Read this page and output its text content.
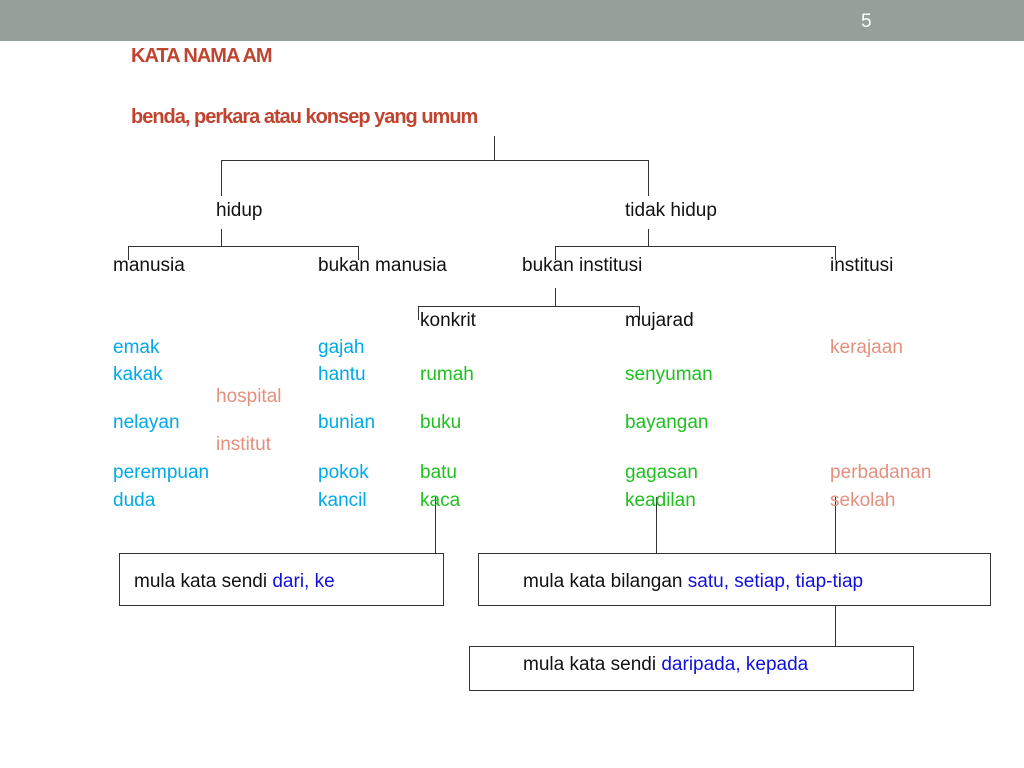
5
KATA NAMA AM
benda, perkara atau konsep yang umum
hidup	tidak hidup
manusia	bukan manusia	bukan institusi	institusi
konkrit	mujarad
emak
kakak
nelayan
perempuan
duda
gajah
hantu
bunian
pokok
kancil
rumah
buku
batu
kaca
senyuman
bayangan
gagasan
keadilan
kerajaan
hospital
institut
perbadanan
sekolah
mula kata sendi dari, ke	mula kata bilangan satu, setiap, tiap-tiap
mula kata sendi daripada, kepada
